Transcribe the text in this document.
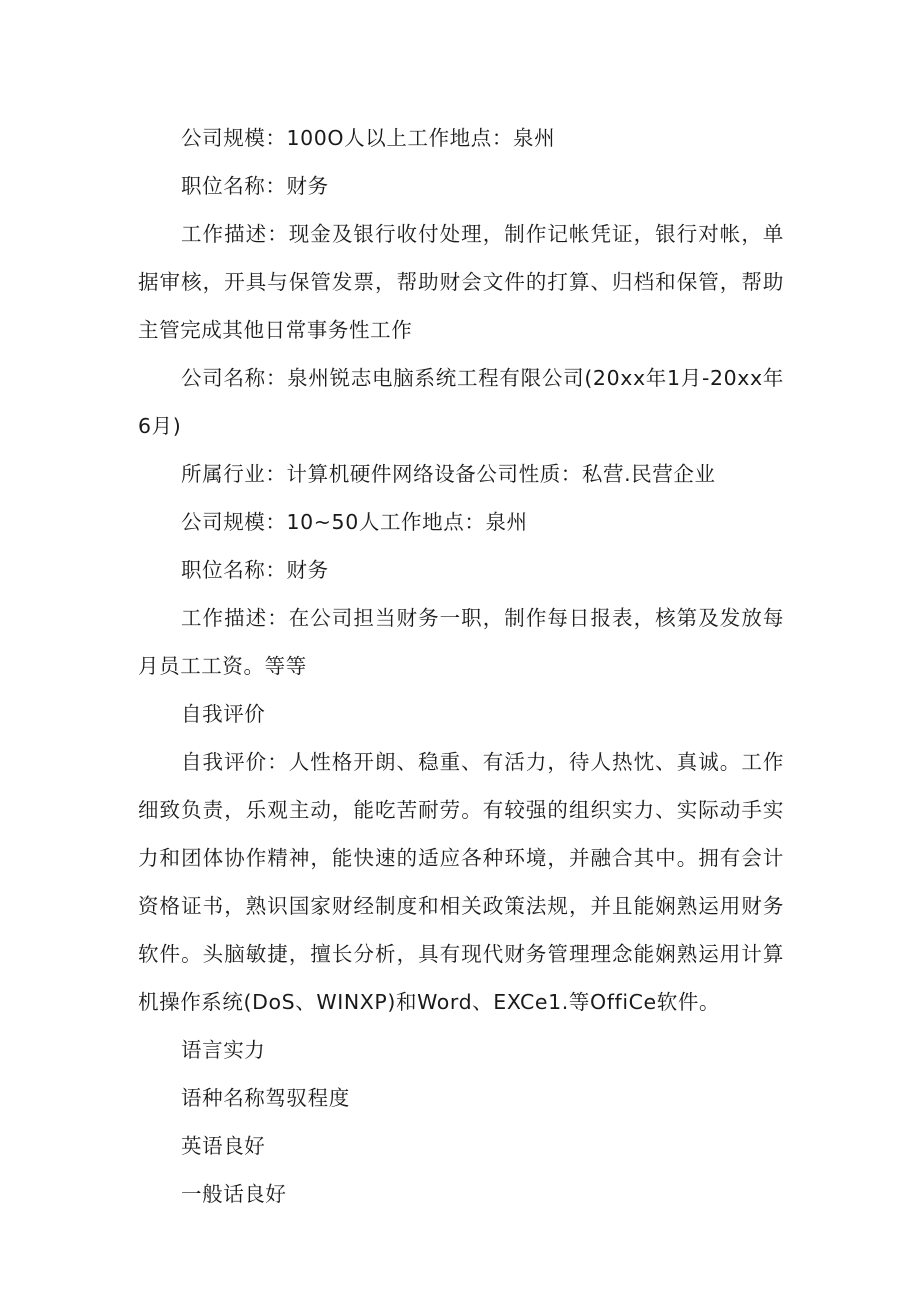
公司规模：100O人以上工作地点：泉州

职位名称：财务

工作描述：现金及银行收付处理，制作记帐凭证，银行对帐，单据审核，开具与保管发票，帮助财会文件的打算、归档和保管，帮助主管完成其他日常事务性工作

公司名称：泉州锐志电脑系统工程有限公司(20xx年1月-20xx年6月)

所属行业：计算机硬件网络设备公司性质：私营.民营企业

公司规模：10~50人工作地点：泉州

职位名称：财务

工作描述：在公司担当财务一职，制作每日报表，核第及发放每月员工工资。等等

自我评价

自我评价：人性格开朗、稳重、有活力，待人热忱、真诚。工作细致负责，乐观主动，能吃苦耐劳。有较强的组织实力、实际动手实力和团体协作精神，能快速的适应各种环境，并融合其中。拥有会计资格证书，熟识国家财经制度和相关政策法规，并且能娴熟运用财务软件。头脑敏捷，擅长分析，具有现代财务管理理念能娴熟运用计算机操作系统(DoS、WINXP)和Word、EXCe1.等OffiCe软件。

语言实力

语种名称驾驭程度

英语良好

一般话良好
